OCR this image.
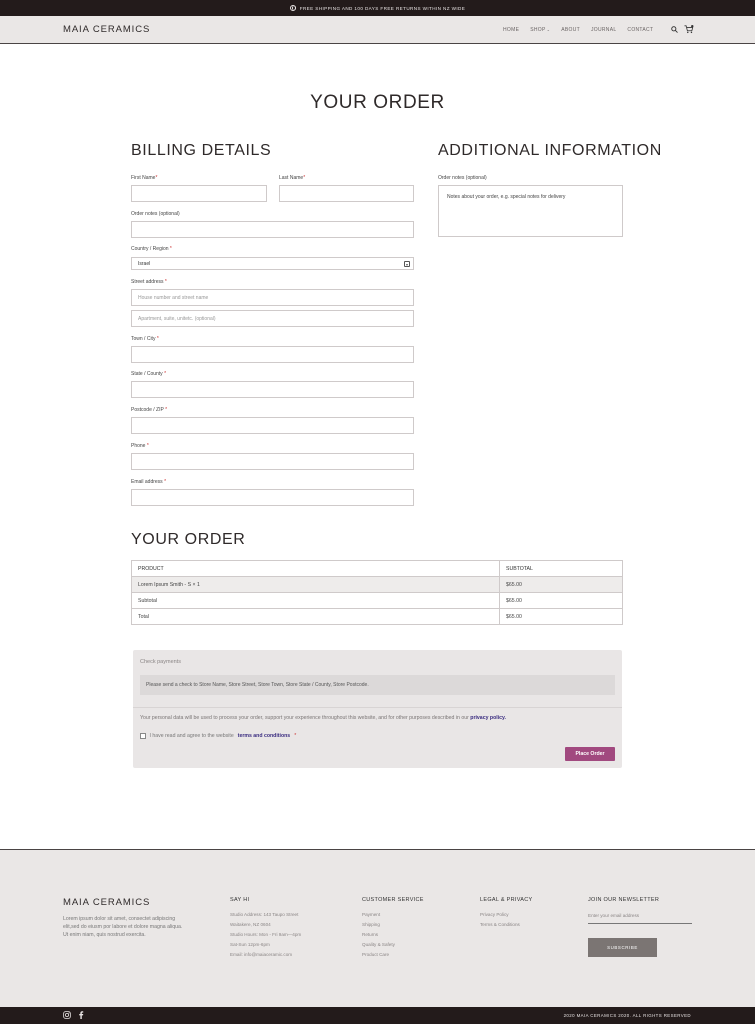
FREE SHIPPING AND 100 DAYS FREE RETURNS WITHIN NZ WIDE
MAIA CERAMICS	HOME SHOP⌄ ABOUT JOURNAL CONTACT
YOUR ORDER
BILLING DETAILS
First Name*	Last Name*
Order notes (optional)
Country / Region *
Israel	▾
Street address *
House number and street name
Apartment, suite, unitetc. (optional)
Town / City *
State / County *
Postcode / ZIP *
Phone *
Email address *
ADDITIONAL INFORMATION
Order notes (optional)
Notes about your order, e.g. special notes for delivery
YOUR ORDER
PRODUCT	SUBTOTAL
Lorem Ipsum Smith - S × 1	$65.00
Subtotal	$65.00
Total	$65.00
Check payments
Please send a check to Store Name, Store Street, Store Town, Store State / County, Store Postcode.
Your personal data will be used to process your order, support your experience throughout this website, and for other purposes described in our privacy policy.
I have read and agree to the website terms and conditions *
Place Order
MAIA CERAMICS
Lorem ipsum dolor sit amet, consectet adipiscing elit,sed do eiusm por labore et dolore magna aliqua. Ut enim niam, quis nostrud exercita.
SAY HI
Studio Address: 143 Taupo Street
Waitakere, NZ 0604
Studio Hours: Mon - Fri 9am—4pm
Sat-Sun 12pm-6pm
Email: info@maiaceramic.com
CUSTOMER SERVICE
Payment
Shipping
Returns
Quality & Safety
Product Care
LEGAL & PRIVACY
Privacy Policy
Terms & Conditions
JOIN OUR NEWSLETTER
Enter your email address
SUBSCRIBE
2020 MAIA CERAMICS 2020. ALL RIGHTS RESERVED
